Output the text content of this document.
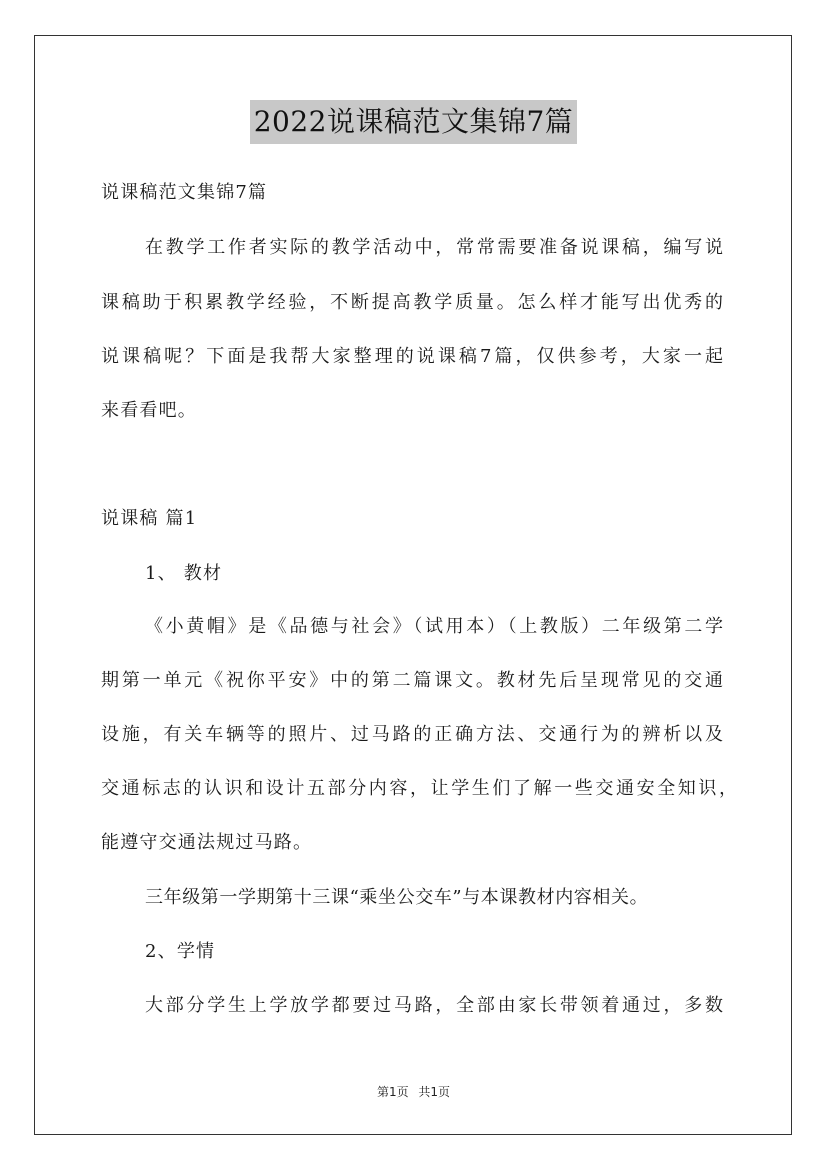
2022说课稿范文集锦7篇
说课稿范文集锦7篇
在教学工作者实际的教学活动中，常常需要准备说课稿，编写说
课稿助于积累教学经验，不断提高教学质量。怎么样才能写出优秀的
说课稿呢？下面是我帮大家整理的说课稿7篇，仅供参考，大家一起
来看看吧。
说课稿 篇1
1、 教材
《小黄帽》是《品德与社会》（试用本）（上教版）二年级第二学
期第一单元《祝你平安》中的第二篇课文。教材先后呈现常见的交通
设施，有关车辆等的照片、过马路的正确方法、交通行为的辨析以及
交通标志的认识和设计五部分内容，让学生们了解一些交通安全知识，
能遵守交通法规过马路。
三年级第一学期第十三课“乘坐公交车”与本课教材内容相关。
2、学情
大部分学生上学放学都要过马路，全部由家长带领着通过，多数
第1页 共1页
